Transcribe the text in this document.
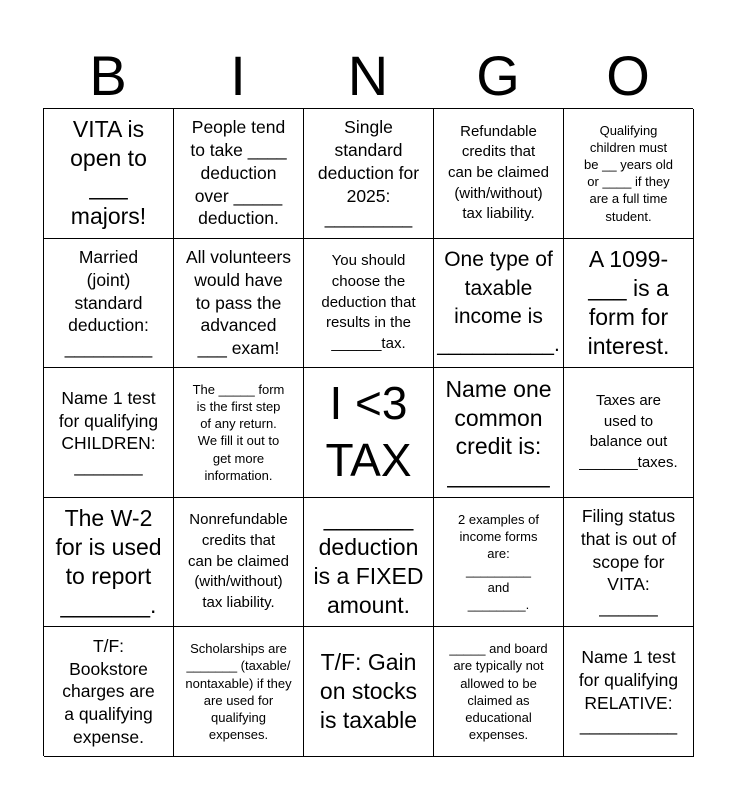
B	I	N	G	O
VITA is
open to
___
majors!
People tend
to take ____
deduction
over _____
deduction.
Single
standard
deduction for
2025:
_________
Refundable
credits that
can be claimed
(with/without)
tax liability.
Qualifying
children must
be __ years old
or ____ if they
are a full time
student.
Married
(joint)
standard
deduction:
_________
All volunteers
would have
to pass the
advanced
___ exam!
You should
choose the
deduction that
results in the
______tax.
One type of
taxable
income is
__________.
A 1099-
___ is a
form for
interest.
Name 1 test
for qualifying
CHILDREN:
_______
The _____ form
is the first step
of any return.
We fill it out to
get more
information.
I <3
TAX
Name one
common
credit is:
________
Taxes are
used to
balance out
_______taxes.
The W-2
for is used
to report
_______.
Nonrefundable
credits that
can be claimed
(with/without)
tax liability.
_______
deduction
is a FIXED
amount.
2 examples of
income forms
are:
_________
and
________.
Filing status
that is out of
scope for
VITA:
______
T/F:
Bookstore
charges are
a qualifying
expense.
Scholarships are
_______ (taxable/
nontaxable) if they
are used for
qualifying
expenses.
T/F: Gain
on stocks
is taxable
_____ and board
are typically not
allowed to be
claimed as
educational
expenses.
Name 1 test
for qualifying
RELATIVE:
__________
